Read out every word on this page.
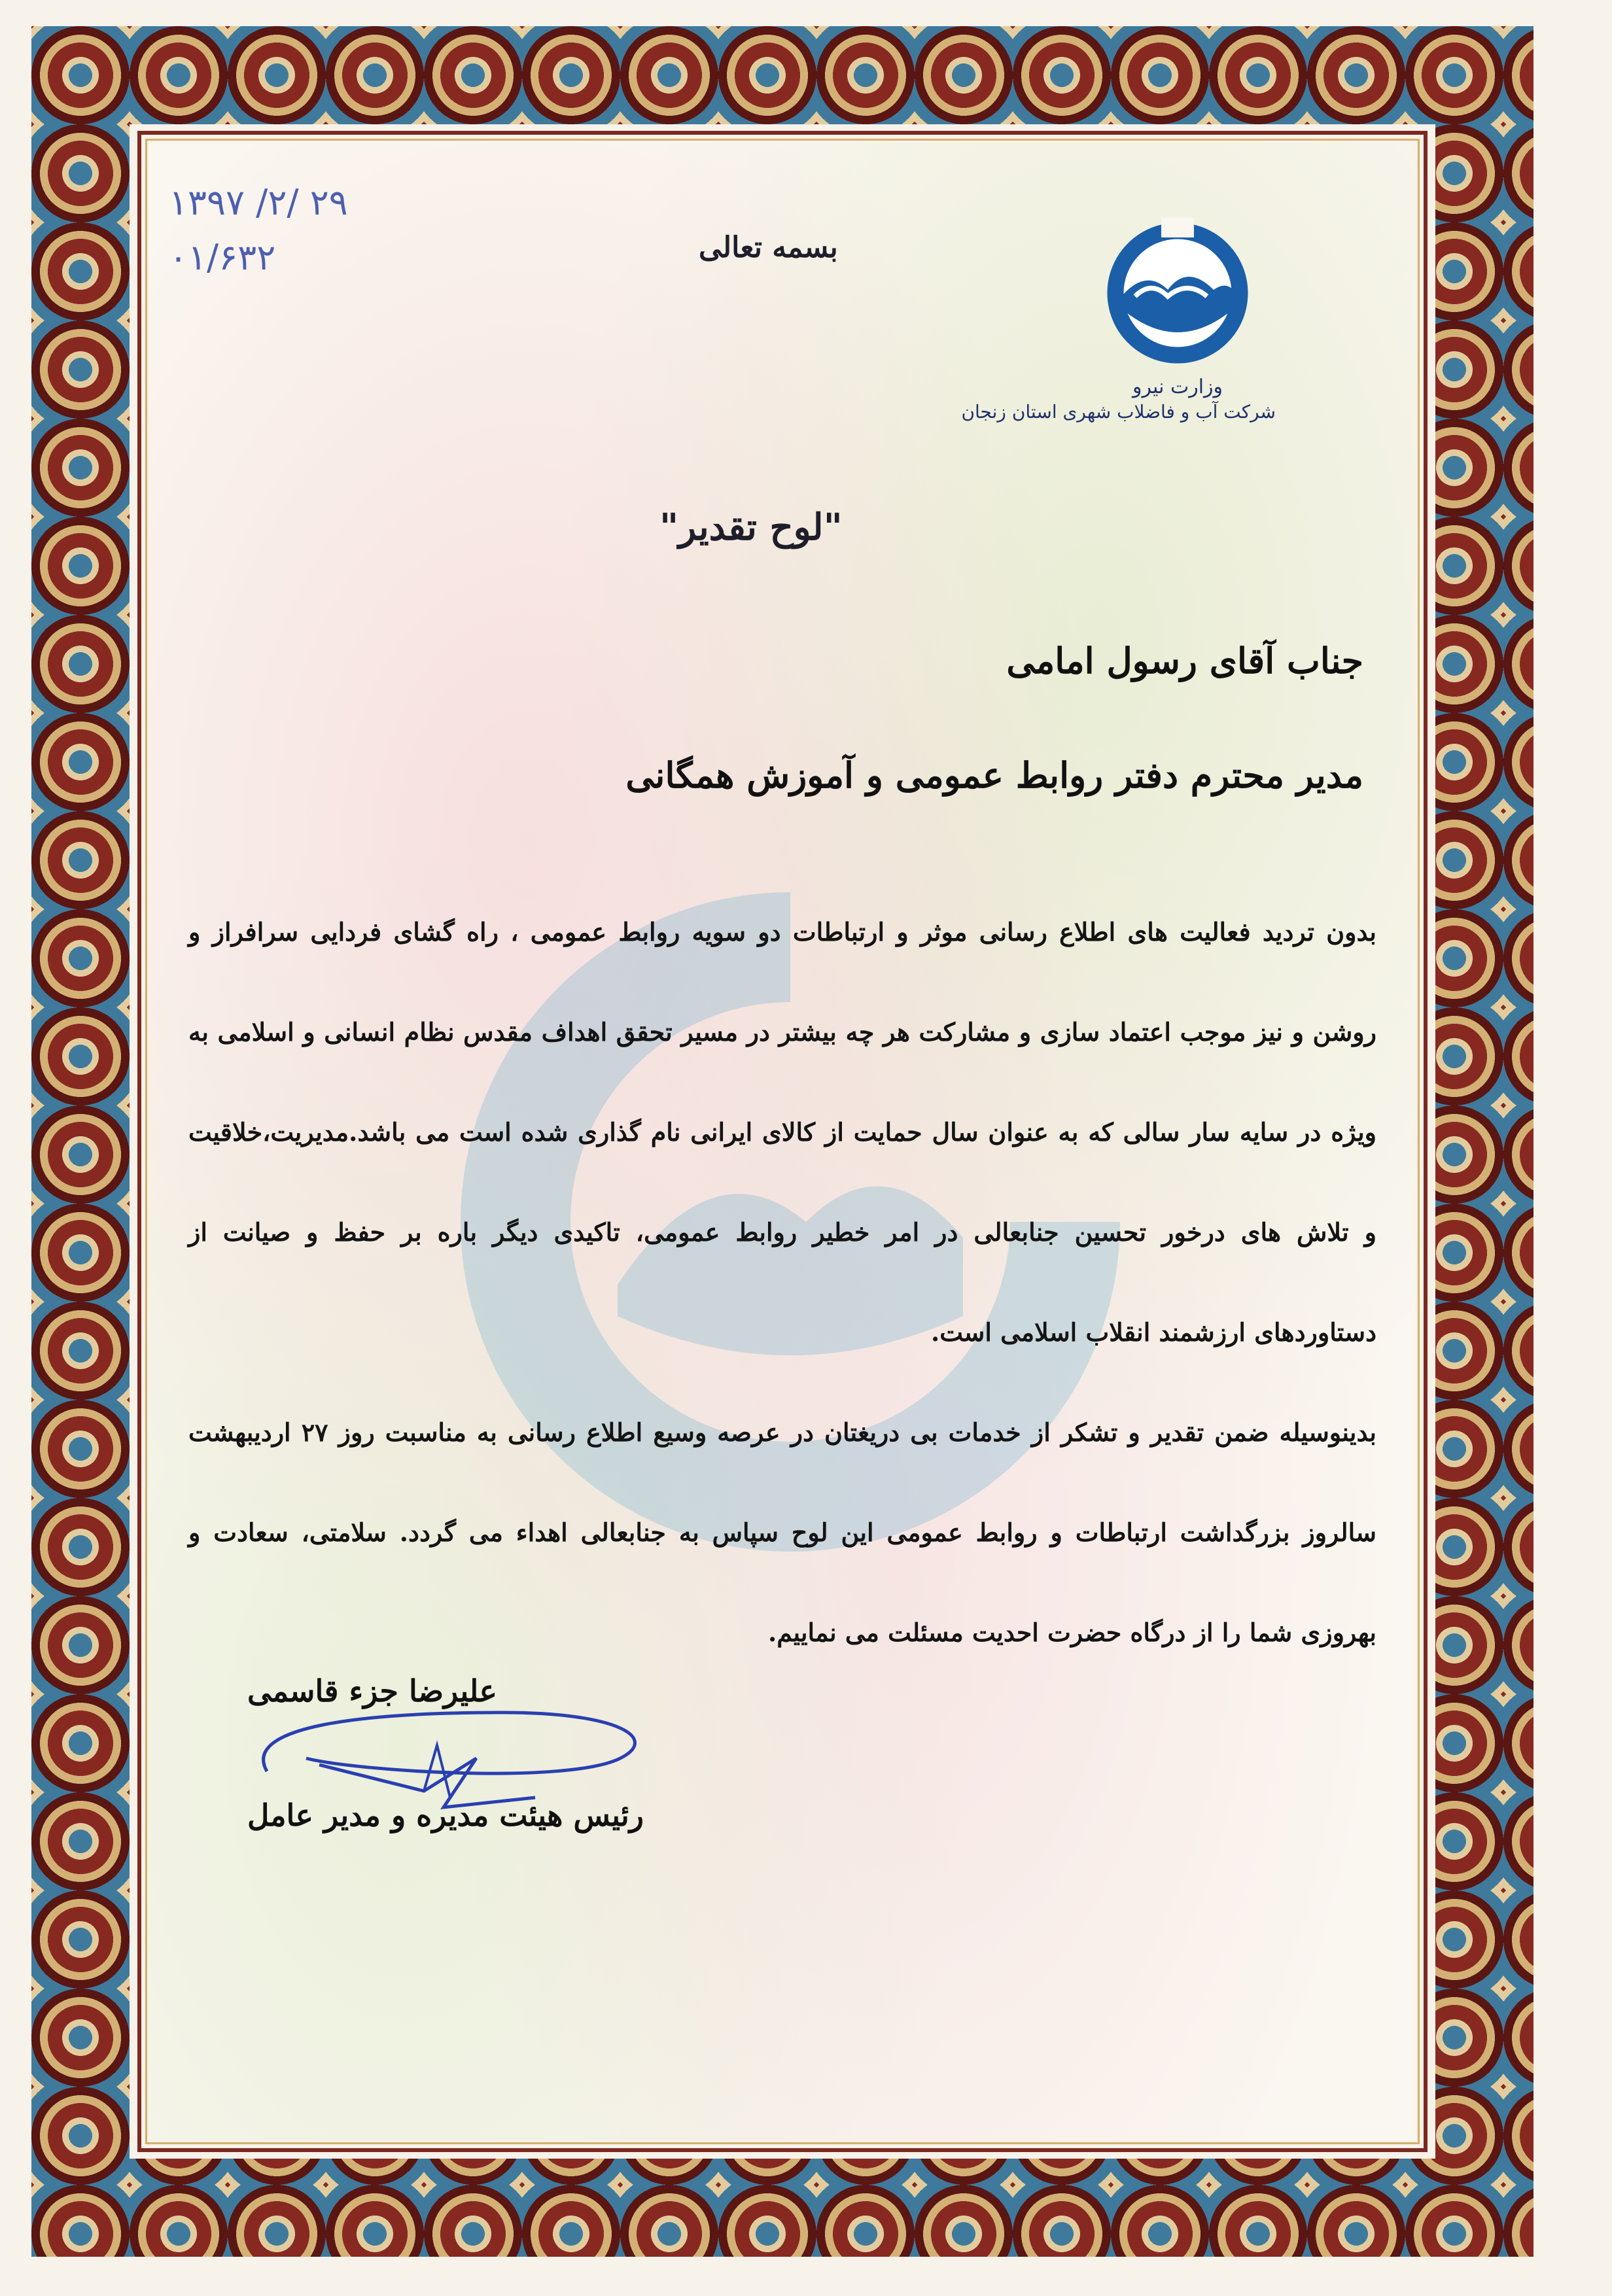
۱۳۹۷ /۲/ ۲۹
۰۱/۶۳۲	بسمه تعالی
وزارت نیرو
شرکت آب و فاضلاب شهری استان زنجان
"لوح تقدیر"
جناب آقای رسول امامی
مدیر محترم دفتر روابط عمومی و آموزش همگانی

بدون تردید فعالیت های اطلاع رسانی موثر و ارتباطات دو سویه روابط عمومی ، راه گشای فردایی سرافراز و روشن و نیز موجب اعتماد سازی و مشارکت هر چه بیشتر در مسیر تحقق اهداف مقدس نظام انسانی و اسلامی به ویژه در سایه سار سالی که به عنوان سال حمایت از کالای ایرانی نام گذاری شده است می باشد.مدیریت،خلاقیت و تلاش های درخور تحسین جنابعالی در امر خطیر روابط عمومی، تاکیدی دیگر باره بر حفظ و صیانت از دستاوردهای ارزشمند انقلاب اسلامی است.

بدینوسیله ضمن تقدیر و تشکر از خدمات بی دریغتان در عرصه وسیع اطلاع رسانی به مناسبت روز ۲۷ اردیبهشت سالروز بزرگداشت ارتباطات و روابط عمومی این لوح سپاس به جنابعالی اهداء می گردد. سلامتی، سعادت و بهروزی شما را از درگاه حضرت احدیت مسئلت می نماییم.

علیرضا جزء قاسمی
رئیس هیئت مدیره و مدیر عامل
